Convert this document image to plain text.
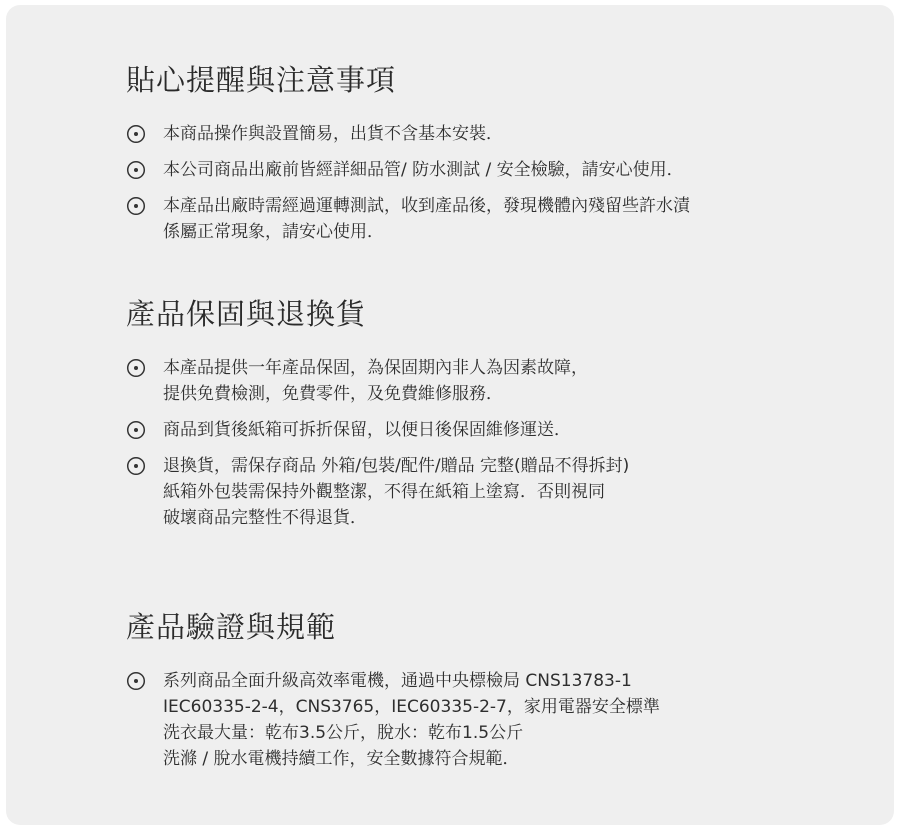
貼心提醒與注意事項
本商品操作與設置簡易，出貨不含基本安裝．
本公司商品出廠前皆經詳細品管/ 防水測試 / 安全檢驗，請安心使用．
本產品出廠時需經過運轉測試，收到產品後，發現機體內殘留些許水漬
係屬正常現象，請安心使用．
產品保固與退換貨
本產品提供一年產品保固，為保固期內非人為因素故障，
提供免費檢測，免費零件，及免費維修服務．
商品到貨後紙箱可拆折保留，以便日後保固維修運送．
退換貨，需保存商品 外箱/包裝/配件/贈品 完整(贈品不得拆封)
紙箱外包裝需保持外觀整潔，不得在紙箱上塗寫．否則視同
破壞商品完整性不得退貨．
產品驗證與規範
系列商品全面升級高效率電機，通過中央標檢局 CNS13783-1
IEC60335-2-4，CNS3765，IEC60335-2-7，家用電器安全標準
洗衣最大量：乾布3.5公斤，脫水：乾布1.5公斤
洗滌 / 脫水電機持續工作，安全數據符合規範．
